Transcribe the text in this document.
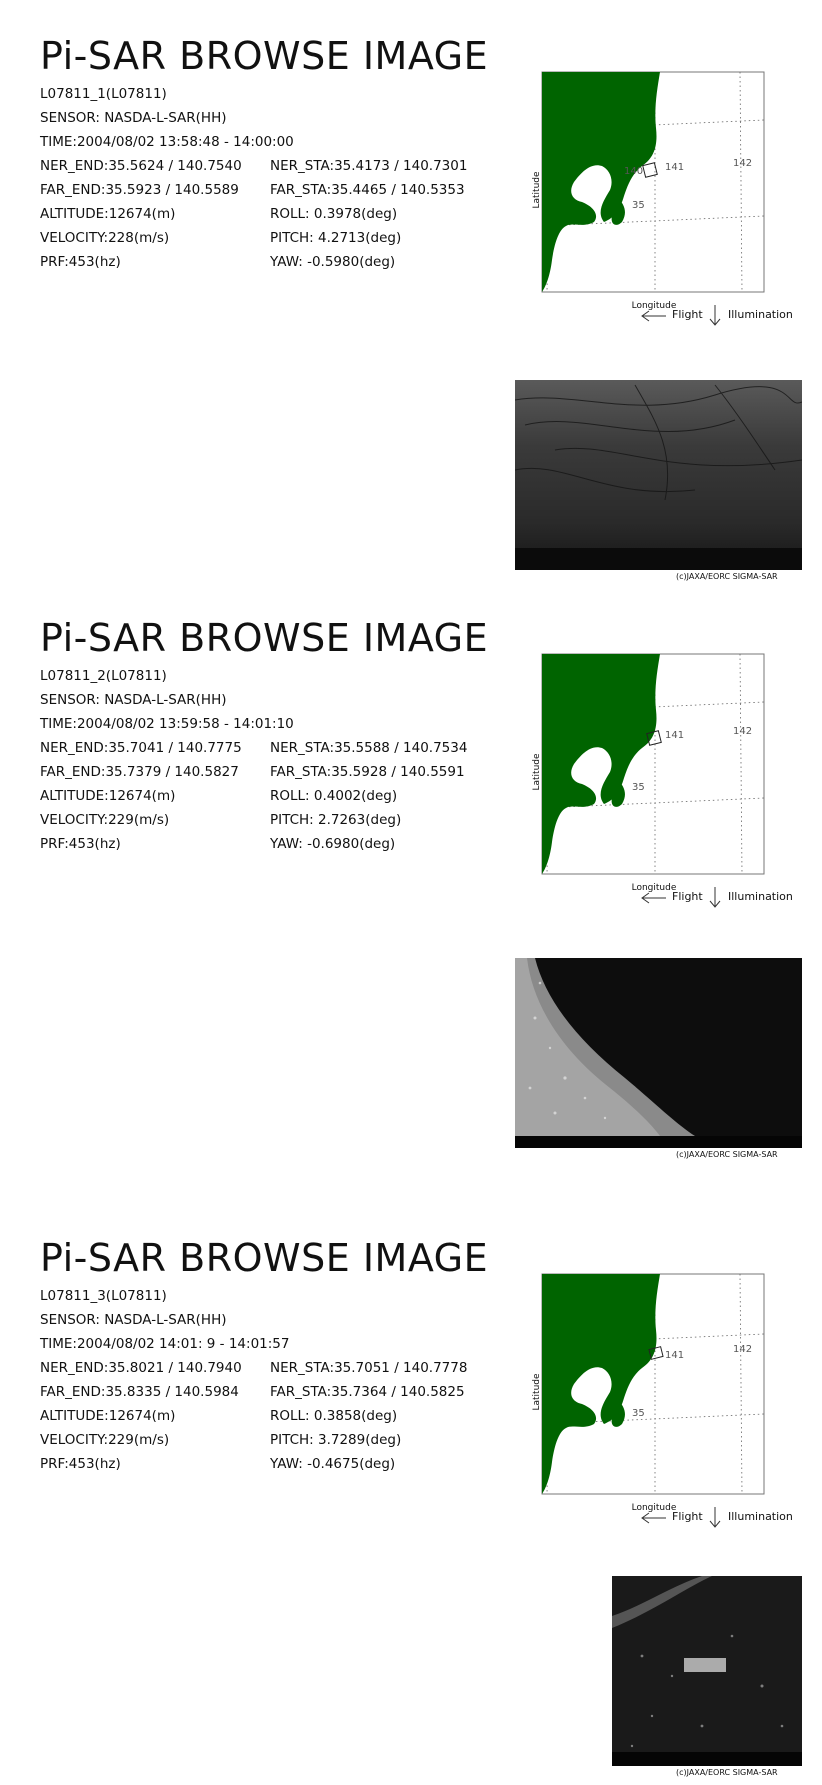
Pi-SAR BROWSE IMAGE
L07811_1(L07811)
SENSOR: NASDA-L-SAR(HH)
TIME:2004/08/02 13:58:48 - 14:00:00
NER_END:35.5624 / 140.7540 NER_STA:35.4173 / 140.7301
FAR_END:35.5923 / 140.5589 FAR_STA:35.4465 / 140.5353
ALTITUDE:12674(m)	ROLL: 0.3978(deg)
VELOCITY:228(m/s)	PITCH: 4.2713(deg)
PRF:453(hz)	YAW: -0.5980(deg)
140 141	142
35
Latitude
Longitude
Flight Illumination
(c)JAXA/EORC SIGMA-SAR
Pi-SAR BROWSE IMAGE
L07811_2(L07811)
SENSOR: NASDA-L-SAR(HH)
TIME:2004/08/02 13:59:58 - 14:01:10
NER_END:35.7041 / 140.7775 NER_STA:35.5588 / 140.7534
FAR_END:35.7379 / 140.5827 FAR_STA:35.5928 / 140.5591
ALTITUDE:12674(m)	ROLL: 0.4002(deg)
VELOCITY:229(m/s)	PITCH: 2.7263(deg)
PRF:453(hz)	YAW: -0.6980(deg)
141	142
35
Latitude
Longitude
Flight Illumination
(c)JAXA/EORC SIGMA-SAR
Pi-SAR BROWSE IMAGE
L07811_3(L07811)
SENSOR: NASDA-L-SAR(HH)
TIME:2004/08/02 14:01: 9 - 14:01:57
NER_END:35.8021 / 140.7940 NER_STA:35.7051 / 140.7778
FAR_END:35.8335 / 140.5984 FAR_STA:35.7364 / 140.5825
ALTITUDE:12674(m)	ROLL: 0.3858(deg)
VELOCITY:229(m/s)	PITCH: 3.7289(deg)
PRF:453(hz)	YAW: -0.4675(deg)
141
142
35
Latitude
Longitude
Flight Illumination
(c)JAXA/EORC SIGMA-SAR
